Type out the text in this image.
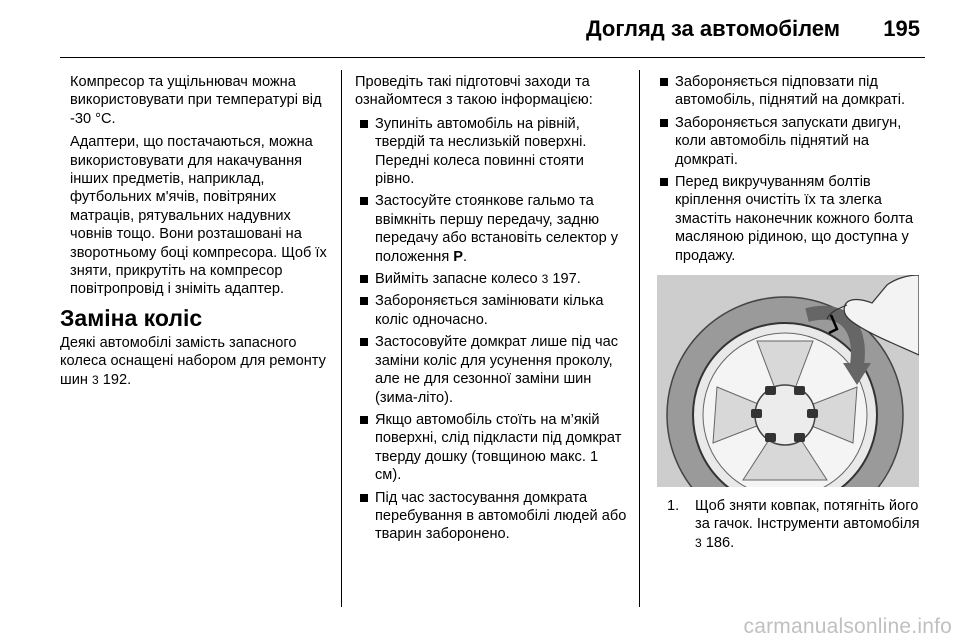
Догляд за автомобілем 195

Компресор та ущільнювач можна використовувати при температурі від -30 °C.

Адаптери, що постачаються, можна використовувати для накачування інших предметів, наприклад, футбольних м'ячів, повітряних матраців, рятувальних надувних човнів тощо. Вони розташовані на зворотньому боці компресора. Щоб їх зняти, прикрутіть на компресор повітропровід і зніміть адаптер.

Заміна коліс

Деякі автомобілі замість запасного колеса оснащені набором для ремонту шин 3 192.

Проведіть такі підготовчі заходи та ознайомтеся з такою інформацією:

Зупиніть автомобіль на рівній, твердій та неслизькій поверхні. Передні колеса повинні стояти рівно.
Застосуйте стоянкове гальмо та ввімкніть першу передачу, задню передачу або встановіть селектор у положення P.
Вийміть запасне колесо 3 197.
Забороняється замінювати кілька коліс одночасно.
Застосовуйте домкрат лише під час заміни коліс для усунення проколу, але не для сезонної заміни шин (зима-літо).
Якщо автомобіль стоїть на м’якій поверхні, слід підкласти під домкрат тверду дошку (товщиною макс. 1 см).
Під час застосування домкрата перебування в автомобілі людей або тварин заборонено.
Забороняється підповзати під автомобіль, піднятий на домкраті.
Забороняється запускати двигун, коли автомобіль піднятий на домкраті.
Перед викручуванням болтів кріплення очистіть їх та злегка змастіть наконечник кожного болта масляною рідиною, що доступна у продажу.
1. Щоб зняти ковпак, потягніть його за гачок. Інструменти автомобіля 3 186.
carmanualsonline.info
